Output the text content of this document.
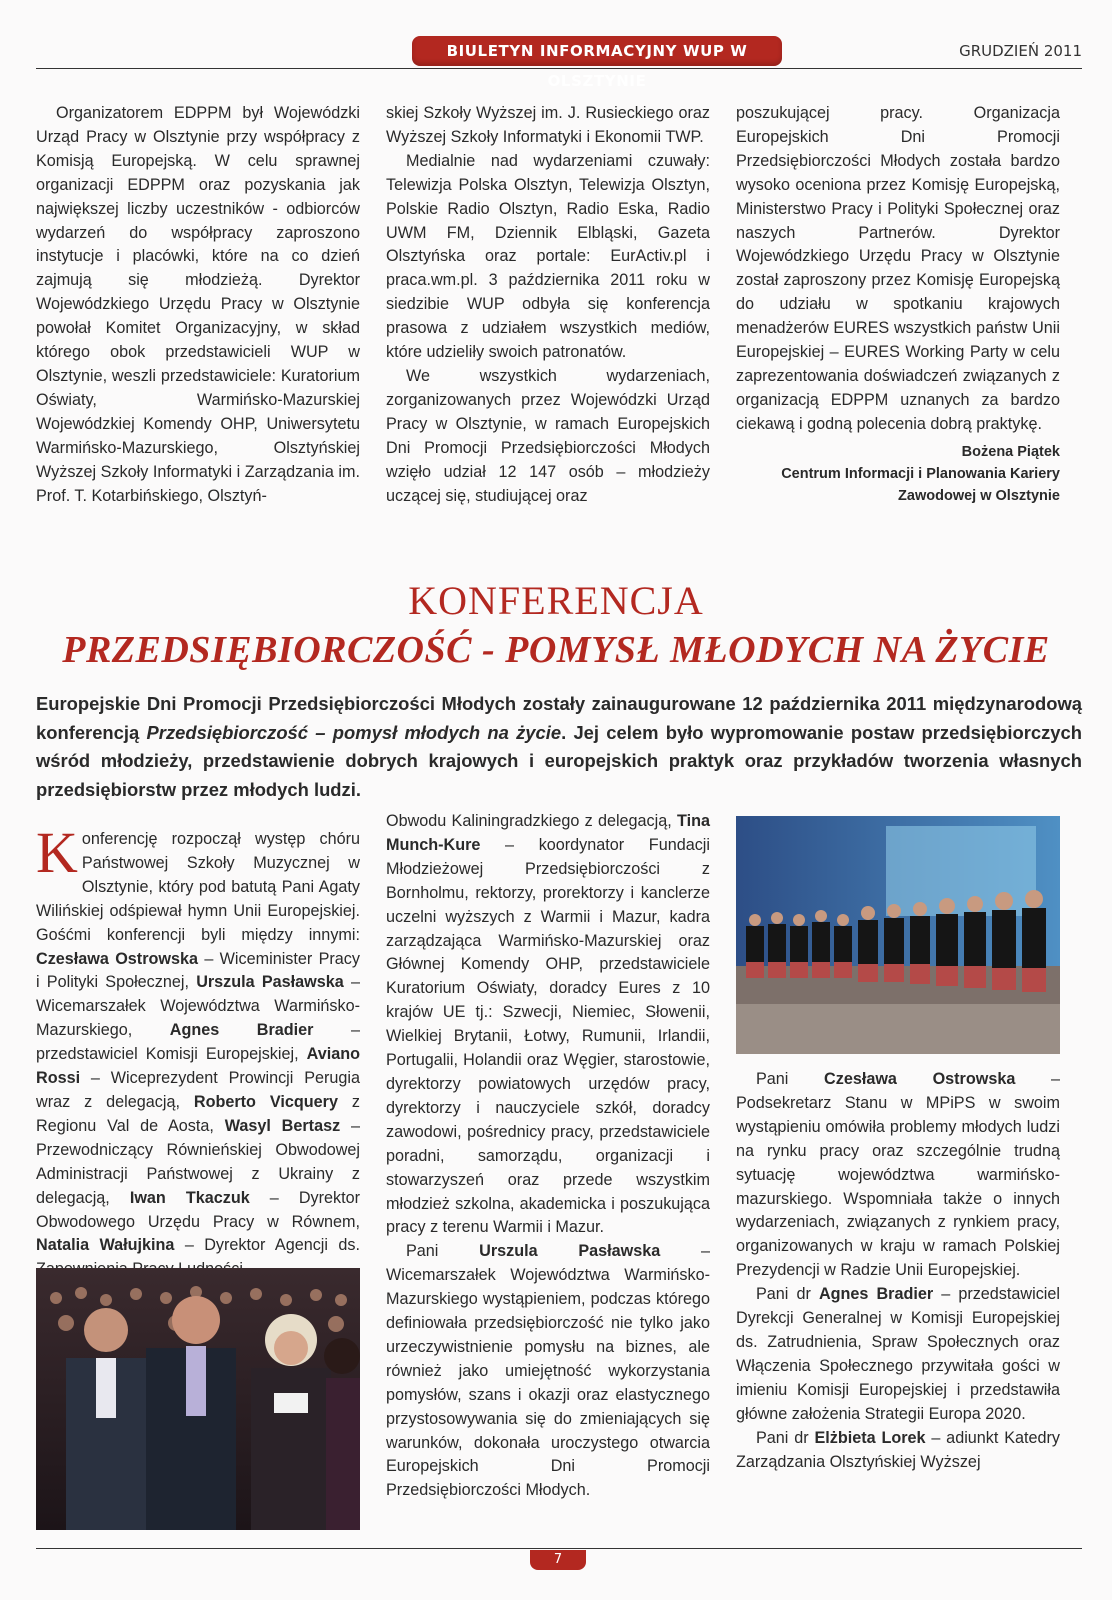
BIULETYN INFORMACYJNY WUP W OLSZTYNIE
GRUDZIEŃ 2011

Organizatorem EDPPM był Wojewódzki Urząd Pracy w Olsztynie przy współpracy z Komisją Europejską. W celu sprawnej organizacji EDPPM oraz pozyskania jak największej liczby uczestników - odbiorców wydarzeń do współpracy zaproszono instytucje i placówki, które na co dzień zajmują się młodzieżą. Dyrektor Wojewódzkiego Urzędu Pracy w Olsztynie powołał Komitet Organizacyjny, w skład którego obok przedstawicieli WUP w Olsztynie, weszli przedstawiciele: Kuratorium Oświaty, Warmińsko-Mazurskiej Wojewódzkiej Komendy OHP, Uniwersytetu Warmińsko-Mazurskiego, Olsztyńskiej Wyższej Szkoły Informatyki i Zarządzania im. Prof. T. Kotarbińskiego, Olsztyń-

skiej Szkoły Wyższej im. J. Rusieckiego oraz Wyższej Szkoły Informatyki i Ekonomii TWP.

Medialnie nad wydarzeniami czuwały: Telewizja Polska Olsztyn, Telewizja Olsztyn, Polskie Radio Olsztyn, Radio Eska, Radio UWM FM, Dziennik Elbląski, Gazeta Olsztyńska oraz portale: EurActiv.pl i praca.wm.pl. 3 października 2011 roku w siedzibie WUP odbyła się konferencja prasowa z udziałem wszystkich mediów, które udzieliły swoich patronatów.

We wszystkich wydarzeniach, zorganizowanych przez Wojewódzki Urząd Pracy w Olsztynie, w ramach Europejskich Dni Promocji Przedsiębiorczości Młodych wzięło udział 12 147 osób – młodzieży uczącej się, studiującej oraz

poszukującej pracy. Organizacja Europejskich Dni Promocji Przedsiębiorczości Młodych została bardzo wysoko oceniona przez Komisję Europejską, Ministerstwo Pracy i Polityki Społecznej oraz naszych Partnerów. Dyrektor Wojewódzkiego Urzędu Pracy w Olsztynie został zaproszony przez Komisję Europejską do udziału w spotkaniu krajowych menadżerów EURES wszystkich państw Unii Europejskiej – EURES Working Party w celu zaprezentowania doświadczeń związanych z organizacją EDPPM uznanych za bardzo ciekawą i godną polecenia dobrą praktykę.

Bożena Piątek
Centrum Informacji i Planowania Kariery
Zawodowej w Olsztynie
KONFERENCJA
PRZEDSIĘBIORCZOŚĆ - POMYSŁ MŁODYCH NA ŻYCIE
Europejskie Dni Promocji Przedsiębiorczości Młodych zostały zainaugurowane 12 października 2011 międzynarodową konferencją Przedsiębiorczość – pomysł młodych na życie. Jej celem było wypromowanie postaw przedsiębiorczych wśród młodzieży, przedstawienie dobrych krajowych i europejskich praktyk oraz przykładów tworzenia własnych przedsiębiorstw przez młodych ludzi.

Konferencję rozpoczął występ chóru Państwowej Szkoły Muzycznej w Olsztynie, który pod batutą Pani Agaty Wilińskiej odśpiewał hymn Unii Europejskiej. Gośćmi konferencji byli między innymi: Czesława Ostrowska – Wiceminister Pracy i Polityki Społecznej, Urszula Pasławska – Wicemarszałek Województwa Warmińsko-Mazurskiego, Agnes Bradier – przedstawiciel Komisji Europejskiej, Aviano Rossi – Wiceprezydent Prowincji Perugia wraz z delegacją, Roberto Vicquery z Regionu Val de Aosta, Wasyl Bertasz – Przewodniczący Równieńskiej Obwodowej Administracji Państwowej z Ukrainy z delegacją, Iwan Tkaczuk – Dyrektor Obwodowego Urzędu Pracy w Równem, Natalia Wałujkina – Dyrektor Agencji ds.

Obwodu Kaliningradzkiego z delegacją, Tina Munch-Kure – koordynator Fundacji Młodzieżowej Przedsiębiorczości z Bornholmu, rektorzy, prorektorzy i kanclerze uczelni wyższych z Warmii i Mazur, kadra zarządzająca Warmińsko-Mazurskiej oraz Głównej Komendy OHP, przedstawiciele Kuratorium Oświaty, doradcy Eures z 10 krajów UE tj.: Szwecji, Niemiec, Słowenii, Wielkiej Brytanii, Łotwy, Rumunii, Irlandii, Portugalii, Holandii oraz Węgier, starostowie, dyrektorzy powiatowych urzędów pracy, dyrektorzy i nauczyciele szkół, doradcy zawodowi, pośrednicy pracy, przedstawiciele poradni, samorządu, organizacji i stowarzyszeń oraz przede wszystkim młodzież szkolna, akademicka i poszukująca pracy z terenu Warmii i Mazur.

Pani Urszula Pasławska – Wicemarszałek Województwa Warmińsko-Mazurskiego wystąpieniem, podczas którego definiowała przedsiębiorczość nie tylko jako urzeczywistnienie pomysłu na biznes, ale również jako umiejętność wykorzystania pomysłów, szans i okazji oraz elastycznego przystosowywania się do zmieniających się warunków, dokonała uroczystego otwarcia Europejskich Dni Promocji Przedsiębiorczości Młodych.

Pani Czesława Ostrowska – Podsekretarz Stanu w MPiPS w swoim wystąpieniu omówiła problemy młodych ludzi na rynku pracy oraz szczególnie trudną sytuację województwa warmińsko-mazurskiego. Wspomniała także o innych wydarzeniach, związanych z rynkiem pracy, organizowanych w kraju w ramach Polskiej Prezydencji w Radzie Unii Europejskiej.

Pani dr Agnes Bradier – przedstawiciel Dyrekcji Generalnej w Komisji Europejskiej ds. Zatrudnienia, Spraw Społecznych oraz Włączenia Społecznego przywitała gości w imieniu Komisji Europejskiej i przedstawiła główne założenia Strategii Europa 2020.

Pani dr Elżbieta Lorek – adiunkt Katedry Zarządzania Olsztyńskiej Wyższej

7
